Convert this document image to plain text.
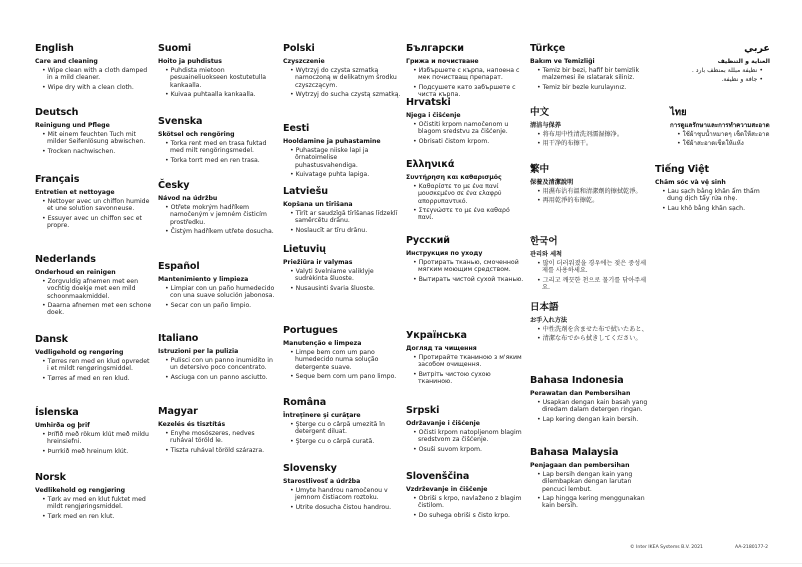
English
Care and cleaning
• Wipe clean with a cloth damped in a mild cleaner.
• Wipe dry with a clean cloth.
Deutsch
Reinigung und Pflege
• Mit einem feuchten Tuch mit milder Seifenlösung abwischen.
• Trocken nachwischen.
Français
Entretien et nettoyage
• Nettoyer avec un chiffon humide et une solution savonneuse.
• Essuyer avec un chiffon sec et propre.
Nederlands
Onderhoud en reinigen
• Zorgvuldig afnemen met een vochtig doekje met een mild schoonmaakmiddel.
• Daarna afnemen met een schone doek.
Dansk
Vedligehold og rengøring
• Tørres ren med en klud opvredet i et mildt rengøringsmiddel.
• Tørres af med en ren klud.
Íslenska
Umhirða og þrif
• Þrífið með rökum klút með mildu hreinsiefni.
• Þurrkið með hreinum klút.
Norsk
Vedlikehold og rengjøring
• Tørk av med en klut fuktet med mildt rengjøringsmiddel.
• Tørk med en ren klut.
Suomi
Hoito ja puhdistus
• Puhdista mietoon pesuaineliuokseen kostutetulla kankaalla.
• Kuivaa puhtaalla kankaalla.
Svenska
Skötsel och rengöring
• Torka rent med en trasa fuktad med milt rengöringsmedel.
• Torka torrt med en ren trasa.
Česky
Návod na údržbu
• Otřete mokrým hadříkem namočeným v jemném čisticím prostředku.
• Čistým hadříkem utřete dosucha.
Español
Mantenimiento y limpieza
• Limpiar con un paño humedecido con una suave solución jabonosa.
• Secar con un paño limpio.
Italiano
Istruzioni per la pulizia
• Pulisci con un panno inumidito in un detersivo poco concentrato.
• Asciuga con un panno asciutto.
Magyar
Kezelés és tisztítás
• Enyhe mosószeres, nedves ruhával töröld le.
• Tiszta ruhával töröld szárazra.
Polski
Czyszczenie
• Wytrzyj do czysta szmatką namoczoną w delikatnym środku czyszczącym.
• Wytrzyj do sucha czystą szmatką.
Eesti
Hooldamine ja puhastamine
• Puhastage niiske lapi ja õrnatoimelise puhastusvahendiga.
• Kuivatage puhta lapiga.
Latviešu
Kopšana un tīrīšana
• Tīrīt ar saudzīgā tīrīšanas līdzeklī samērcētu drānu.
• Noslaucīt ar tīru drānu.
Lietuvių
Priežiūra ir valymas
• Valyti švelniame valiklyje sudrėkinta šluoste.
• Nusausinti švaria šluoste.
Portugues
Manutenção e limpeza
• Limpe bem com um pano humedecido numa solução detergente suave.
• Seque bem com um pano limpo.
Româna
Întreţinere şi curăţare
• Şterge cu o cârpă umezită în detergent diluat.
• Şterge cu o cârpă curată.
Slovensky
Starostlivosť a údržba
• Umyte handrou namočenou v jemnom čistiacom roztoku.
• Utrite dosucha čistou handrou.
Български
Грижа и почистване
• Избършете с кърпа, напоена с мек почистващ препарат.
• Подсушете като забършете с чиста кърпа.
Hrvatski
Njega i čišćenje
• Očistiti krpom namočenom u blagom sredstvu za čišćenje.
• Obrisati čistom krpom.
Ελληνικά
Συντήρηση και καθαρισμός
• Καθαρίστε το με ένα πανί μουσκεμένο σε ένα ελαφρύ απορρυπαντικό.
• Στεγνώστε το με ένα καθαρό πανί.
Русский
Инструкция по уходу
• Протирать тканью, смоченной мягким моющим средством.
• Вытирать чистой сухой тканью.
Українська
Догляд та чищення
• Протирайте тканиною з м'яким засобом очищення.
• Витріть чистою сухою тканиною.
Srpski
Održavanje i čišćenje
• Očisti krpom natopljenom blagim sredstvom za čišćenje.
• Osuši suvom krpom.
Slovenščina
Vzdrževanje in čiščenje
• Obriši s krpo, navlaženo z blagim čistilom.
• Do suhega obriši s čisto krpo.
Türkçe
Bakım ve Temizliği
• Temiz bir bezi, hafif bir temizlik malzemesi ile ıslatarak siliniz.
• Temiz bir bezle kurulayınız.
中文
清洁与保养
• 将布用中性清洗剂濡湿擦净。
• 用干净的布擦干。
繁中
保養及清潔說明
• 用濕布沾有溫和清潔劑的擦拭乾淨。
• 再用乾淨的布擦乾。
한국어
관리와 세척
• 많이 더러워졌을 경우에는 젖은 중성세제를 사용하세요.
• 그리고 깨끗한 천으로 물기를 닦아주세요.
日本語
お手入れ方法
• 中性洗剤を含ませた布で拭いたあと、
• 清潔な布でから拭きしてください。
Bahasa Indonesia
Perawatan dan Pembersihan
• Usapkan dengan kain basah yang diredam dalam detergen ringan.
• Lap kering dengan kain bersih.
Bahasa Malaysia
Penjagaan dan pembersihan
• Lap bersih dengan kain yang dilembapkan dengan larutan pencuci lembut.
• Lap hingga kering menggunakan kain bersih.
عربي
العناية و التنظيف
• نظيفة مبللة بمنظف بارد .
• جافة و نظيفة.
ไทย
การดูแลรักษาและการทำความสะอาด
• ใช้ผ้าชุบน้ำหมาดๆ เช็ดให้สะอาด
• ใช้ผ้าสะอาดเช็ดให้แห้ง
Tiếng Việt
Chăm sóc và vệ sinh
• Lau sạch bằng khăn ẩm thấm dung dịch tẩy rửa nhẹ.
• Lau khô bằng khăn sạch.
© Inter IKEA Systems B.V. 2021	AA-2180177-2
